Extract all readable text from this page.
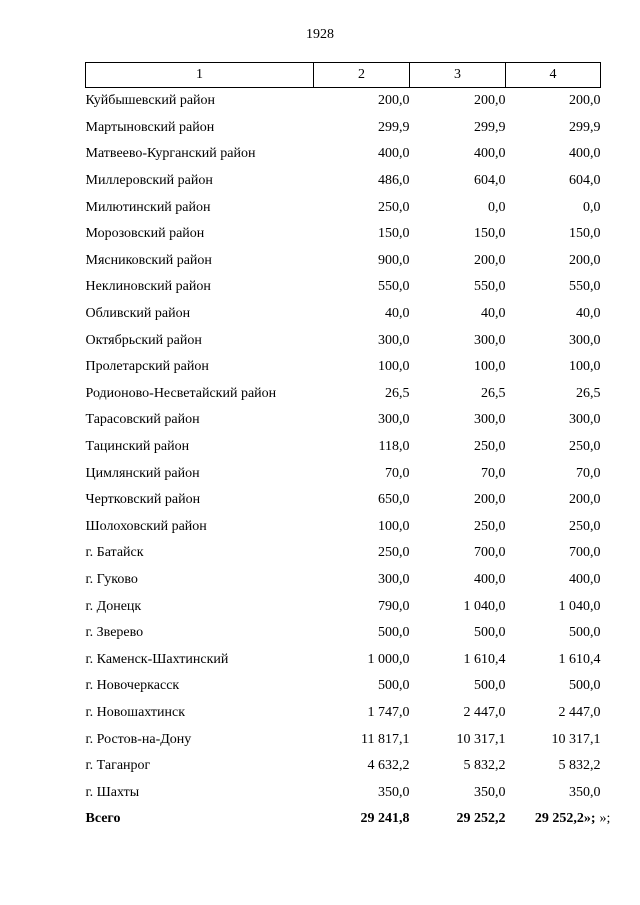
1928
1	2	3	4
Куйбышевский район	200,0	200,0	200,0
Мартыновский район	299,9	299,9	299,9
Матвеево-Курганский район	400,0	400,0	400,0
Миллеровский район	486,0	604,0	604,0
Милютинский район	250,0	0,0	0,0
Морозовский район	150,0	150,0	150,0
Мясниковский район	900,0	200,0	200,0
Неклиновский район	550,0	550,0	550,0
Обливский район	40,0	40,0	40,0
Октябрьский район	300,0	300,0	300,0
Пролетарский район	100,0	100,0	100,0
Родионово-Несветайский район	26,5	26,5	26,5
Тарасовский район	300,0	300,0	300,0
Тацинский район	118,0	250,0	250,0
Цимлянский район	70,0	70,0	70,0
Чертковский район	650,0	200,0	200,0
Шолоховский район	100,0	250,0	250,0
г. Батайск	250,0	700,0	700,0
г. Гуково	300,0	400,0	400,0
г. Донецк	790,0	1 040,0	1 040,0
г. Зверево	500,0	500,0	500,0
г. Каменск-Шахтинский	1 000,0	1 610,4	1 610,4
г. Новочеркасск	500,0	500,0	500,0
г. Новошахтинск	1 747,0	2 447,0	2 447,0
г. Ростов-на-Дону	11 817,1	10 317,1	10 317,1
г. Таганрог	4 632,2	5 832,2	5 832,2
г. Шахты	350,0	350,0	350,0
Всего	29 241,8	29 252,2	29 252,2»; »;
